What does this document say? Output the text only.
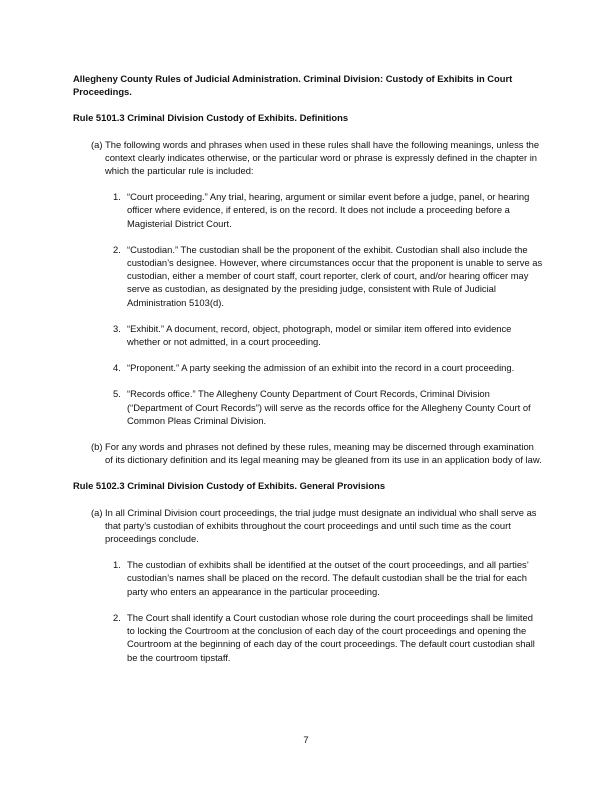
Allegheny County Rules of Judicial Administration. Criminal Division: Custody of Exhibits in Court Proceedings.
Rule 5101.3 Criminal Division Custody of Exhibits. Definitions
(a) The following words and phrases when used in these rules shall have the following meanings, unless the context clearly indicates otherwise, or the particular word or phrase is expressly defined in the chapter in which the particular rule is included:
1. “Court proceeding.” Any trial, hearing, argument or similar event before a judge, panel, or hearing officer where evidence, if entered, is on the record. It does not include a proceeding before a Magisterial District Court.
2. “Custodian.” The custodian shall be the proponent of the exhibit. Custodian shall also include the custodian’s designee. However, where circumstances occur that the proponent is unable to serve as custodian, either a member of court staff, court reporter, clerk of court, and/or hearing officer may serve as custodian, as designated by the presiding judge, consistent with Rule of Judicial Administration 5103(d).
3. “Exhibit.” A document, record, object, photograph, model or similar item offered into evidence whether or not admitted, in a court proceeding.
4. “Proponent.” A party seeking the admission of an exhibit into the record in a court proceeding.
5. “Records office.” The Allegheny County Department of Court Records, Criminal Division (“Department of Court Records”) will serve as the records office for the Allegheny County Court of Common Pleas Criminal Division.
(b) For any words and phrases not defined by these rules, meaning may be discerned through examination of its dictionary definition and its legal meaning may be gleaned from its use in an application body of law.
Rule 5102.3 Criminal Division Custody of Exhibits. General Provisions
(a) In all Criminal Division court proceedings, the trial judge must designate an individual who shall serve as that party’s custodian of exhibits throughout the court proceedings and until such time as the court proceedings conclude.
1. The custodian of exhibits shall be identified at the outset of the court proceedings, and all parties’ custodian’s names shall be placed on the record. The default custodian shall be the trial for each party who enters an appearance in the particular proceeding.
2. The Court shall identify a Court custodian whose role during the court proceedings shall be limited to locking the Courtroom at the conclusion of each day of the court proceedings and opening the Courtroom at the beginning of each day of the court proceedings. The default court custodian shall be the courtroom tipstaff.
7
